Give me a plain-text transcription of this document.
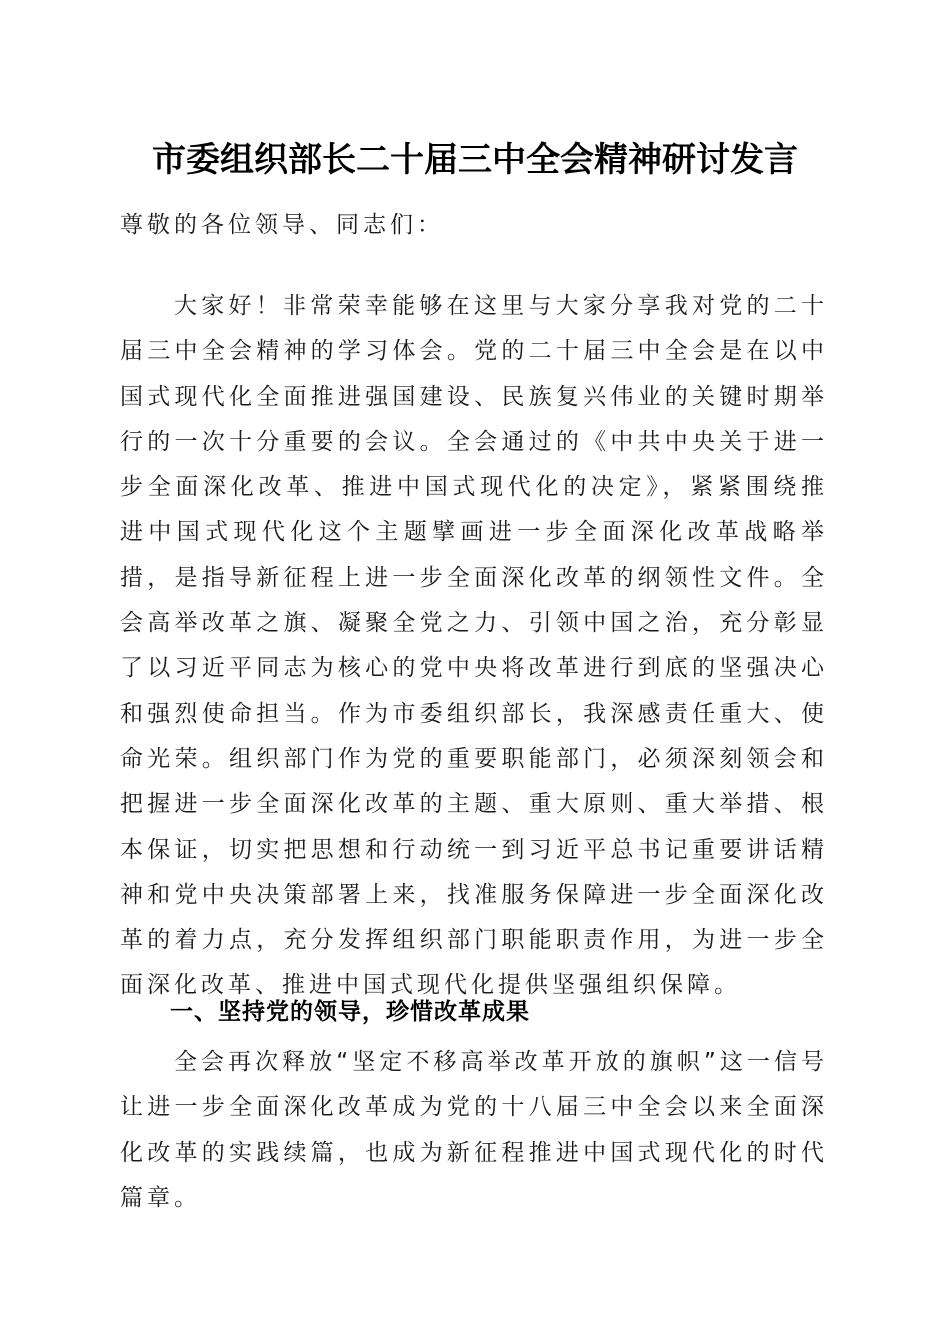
市委组织部长二十届三中全会精神研讨发言
尊敬的各位领导、同志们：

大家好！非常荣幸能够在这里与大家分享我对党的二十届三中全会精神的学习体会。党的二十届三中全会是在以中国式现代化全面推进强国建设、民族复兴伟业的关键时期举行的一次十分重要的会议。全会通过的《中共中央关于进一步全面深化改革、推进中国式现代化的决定》，紧紧围绕推进中国式现代化这个主题擘画进一步全面深化改革战略举措，是指导新征程上进一步全面深化改革的纲领性文件。全会高举改革之旗、凝聚全党之力、引领中国之治，充分彰显了以习近平同志为核心的党中央将改革进行到底的坚强决心和强烈使命担当。作为市委组织部长，我深感责任重大、使命光荣。组织部门作为党的重要职能部门，必须深刻领会和把握进一步全面深化改革的主题、重大原则、重大举措、根本保证，切实把思想和行动统一到习近平总书记重要讲话精神和党中央决策部署上来，找准服务保障进一步全面深化改革的着力点，充分发挥组织部门职能职责作用，为进一步全面深化改革、推进中国式现代化提供坚强组织保障。

一、坚持党的领导，珍惜改革成果

全会再次释放“坚定不移高举改革开放的旗帜”这一信号让进一步全面深化改革成为党的十八届三中全会以来全面深化改革的实践续篇，也成为新征程推进中国式现代化的时代篇章。
